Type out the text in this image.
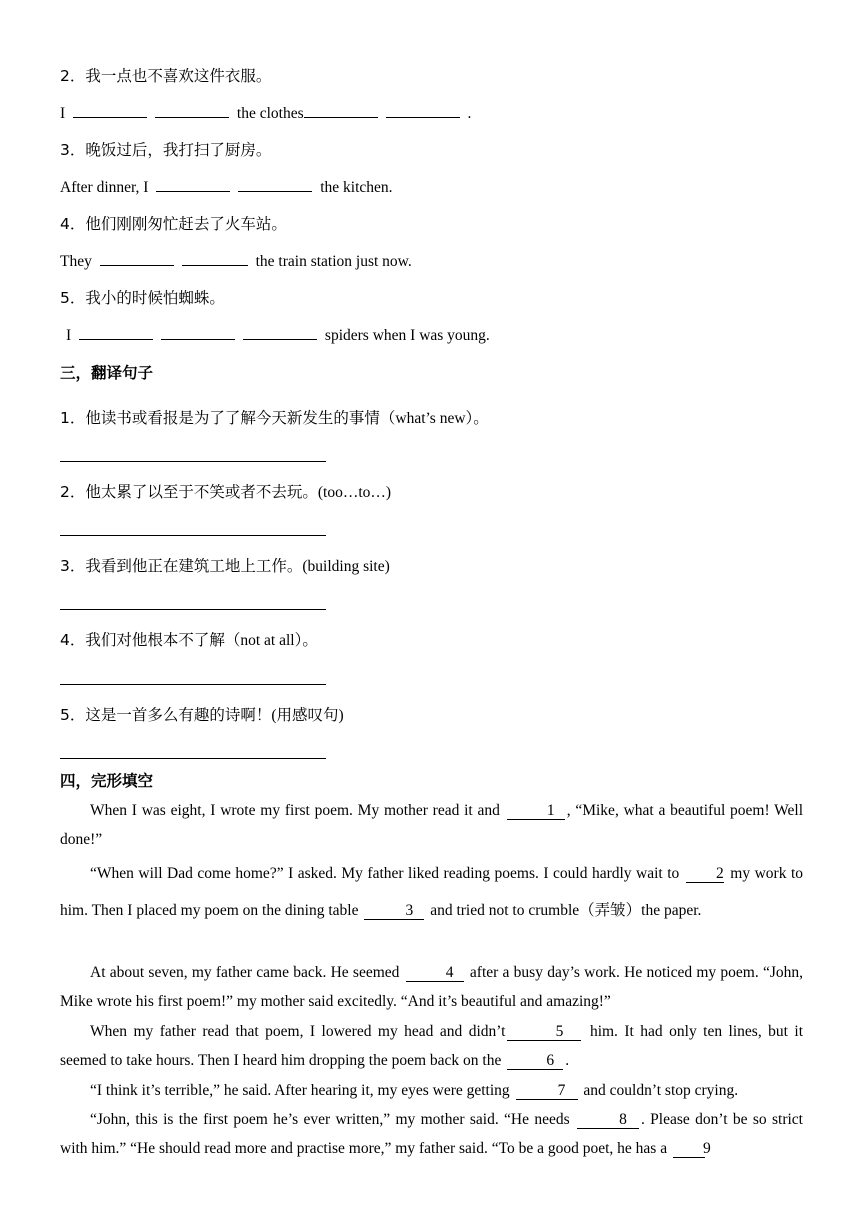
2．我一点也不喜欢这件衣服。
I	the clothes	.
3．晚饭过后，我打扫了厨房。
After dinner, I	the kitchen.
4．他们刚刚匆忙赶去了火车站。
They	the train station just now.
5．我小的时候怕蜘蛛。
I	spiders when I was young.
三，翻译句子
1．他读书或看报是为了了解今天新发生的事情（what’s new）。
2．他太累了以至于不笑或者不去玩。(too…to…)
3．我看到他正在建筑工地上工作。(building site)
4．我们对他根本不了解（not at all）。
5．这是一首多么有趣的诗啊！(用感叹句)
四，完形填空
When I was eight, I wrote my first poem. My mother read it and	1 , “Mike, what a beautiful poem! Well done!”
“When will Dad come home?” I asked. My father liked reading poems. I could hardly wait to 2 my work to him. Then I placed my poem on the dining table	3 and tried not to crumble（弄皱）the paper.
At about seven, my father came back. He seemed	4 after a busy day’s work. He noticed my poem. “John, Mike wrote his first poem!” my mother said excitedly. “And it’s beautiful and amazing!”
When my father read that poem, I lowered my head and didn’t	5 him. It had only ten lines, but it seemed to take hours. Then I heard him dropping the poem back on the	6 .
“I think it’s terrible,” he said. After hearing it, my eyes were getting	7 and couldn’t stop crying.
“John, this is the first poem he’s ever written,” my mother said. “He needs	8 . Please don’t be so strict with him.” “He should read more and practise more,” my father said. “To be a good poet, he has a 9
